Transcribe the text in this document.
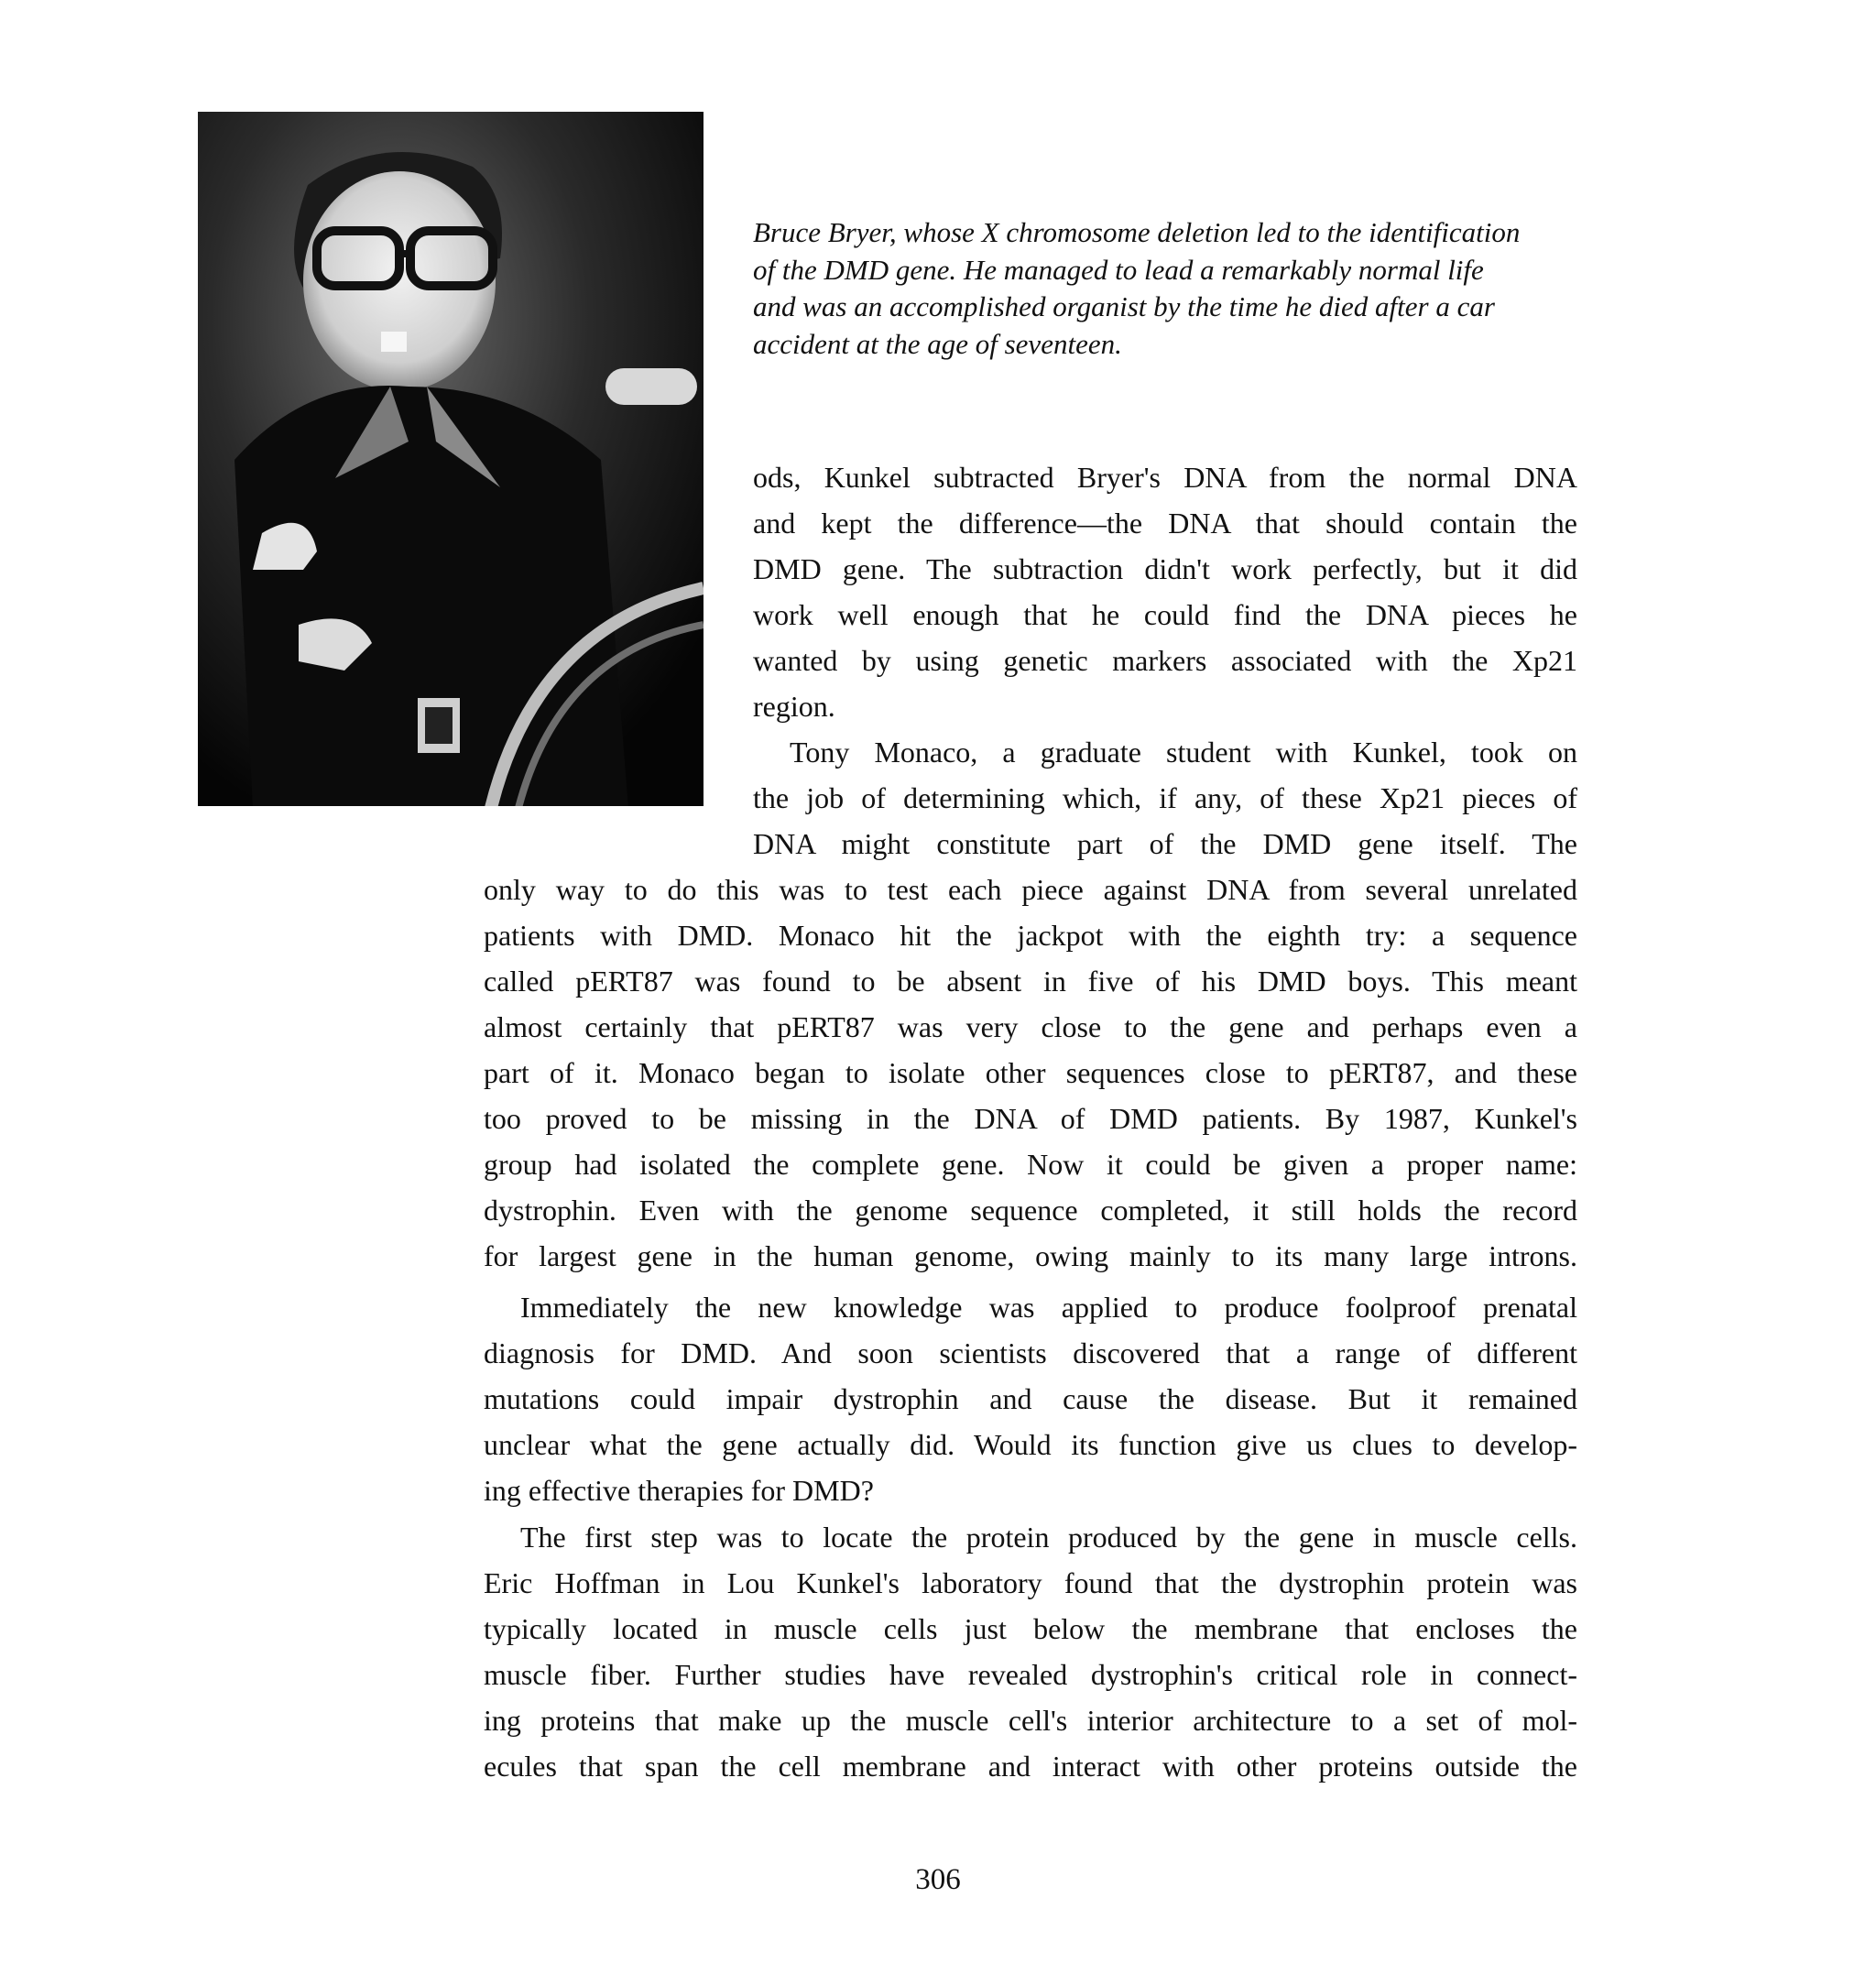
Bruce Bryer, whose X chromosome deletion led to the identification
of the DMD gene. He managed to lead a remarkably normal life
and was an accomplished organist by the time he died after a car
accident at the age of seventeen.

ods, Kunkel subtracted Bryer's DNA from the normal DNA

and kept the difference—the DNA that should contain the

DMD gene. The subtraction didn't work perfectly, but it did

work well enough that he could find the DNA pieces he

wanted by using genetic markers associated with the Xp21

region.

Tony Monaco, a graduate student with Kunkel, took on

the job of determining which, if any, of these Xp21 pieces of

DNA might constitute part of the DMD gene itself. The

only way to do this was to test each piece against DNA from several unrelated

patients with DMD. Monaco hit the jackpot with the eighth try: a sequence

called pERT87 was found to be absent in five of his DMD boys. This meant

almost certainly that pERT87 was very close to the gene and perhaps even a

part of it. Monaco began to isolate other sequences close to pERT87, and these

too proved to be missing in the DNA of DMD patients. By 1987, Kunkel's

group had isolated the complete gene. Now it could be given a proper name:

dystrophin. Even with the genome sequence completed, it still holds the record

for largest gene in the human genome, owing mainly to its many large introns.

Immediately the new knowledge was applied to produce foolproof prenatal

diagnosis for DMD. And soon scientists discovered that a range of different

mutations could impair dystrophin and cause the disease. But it remained

unclear what the gene actually did. Would its function give us clues to develop-

ing effective therapies for DMD?

The first step was to locate the protein produced by the gene in muscle cells.

Eric Hoffman in Lou Kunkel's laboratory found that the dystrophin protein was

typically located in muscle cells just below the membrane that encloses the

muscle fiber. Further studies have revealed dystrophin's critical role in connect-

ing proteins that make up the muscle cell's interior architecture to a set of mol-

ecules that span the cell membrane and interact with other proteins outside the

306
